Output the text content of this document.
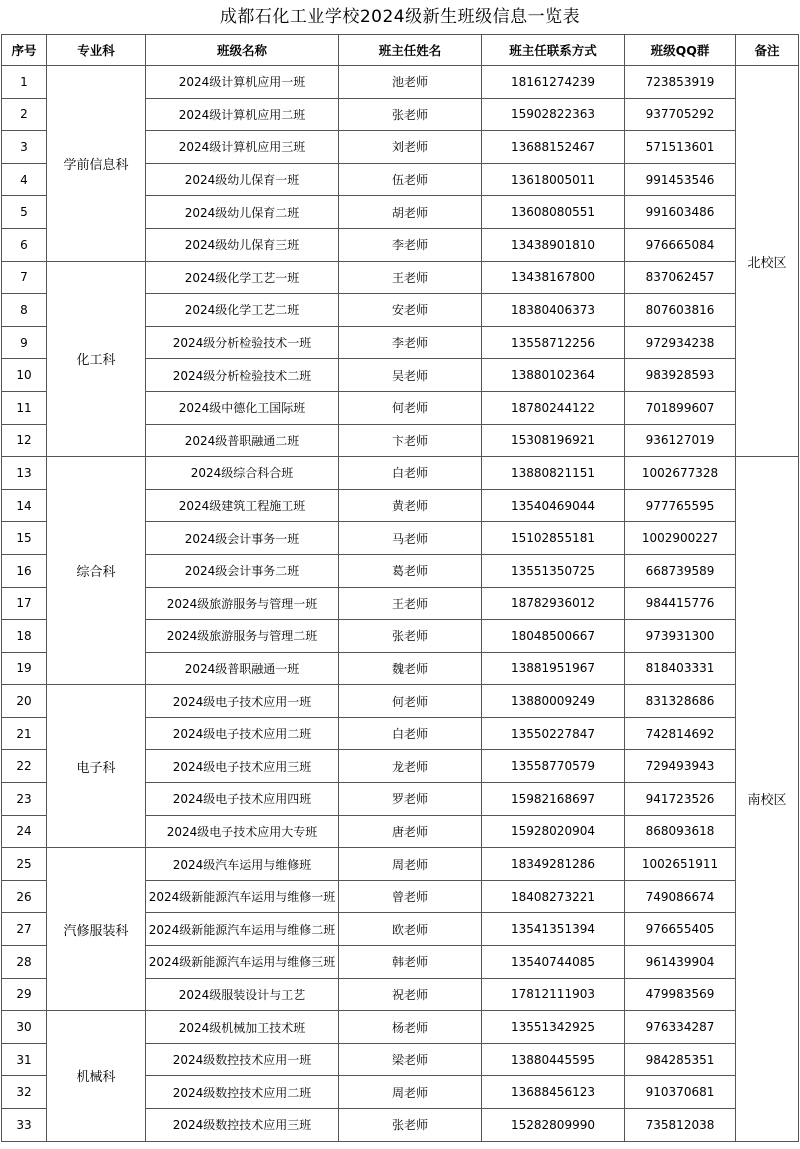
成都石化工业学校2024级新生班级信息一览表
序号	专业科	班级名称	班主任姓名	班主任联系方式	班级QQ群	备注
1	学前信息科	2024级计算机应用一班	池老师	18161274239	723853919	北校区
2		2024级计算机应用二班	张老师	15902822363	937705292	
3		2024级计算机应用三班	刘老师	13688152467	571513601	
4		2024级幼儿保育一班	伍老师	13618005011	991453546	
5		2024级幼儿保育二班	胡老师	13608080551	991603486	
6		2024级幼儿保育三班	李老师	13438901810	976665084	
7	化工科	2024级化学工艺一班	王老师	13438167800	837062457	
8		2024级化学工艺二班	安老师	18380406373	807603816	
9		2024级分析检验技术一班	李老师	13558712256	972934238	
10		2024级分析检验技术二班	吴老师	13880102364	983928593	
11		2024级中德化工国际班	何老师	18780244122	701899607	
12		2024级普职融通二班	卞老师	15308196921	936127019	
13	综合科	2024级综合科合班	白老师	13880821151	1002677328	南校区
14		2024级建筑工程施工班	黄老师	13540469044	977765595	
15		2024级会计事务一班	马老师	15102855181	1002900227	
16		2024级会计事务二班	葛老师	13551350725	668739589	
17		2024级旅游服务与管理一班	王老师	18782936012	984415776	
18		2024级旅游服务与管理二班	张老师	18048500667	973931300	
19		2024级普职融通一班	魏老师	13881951967	818403331	
20	电子科	2024级电子技术应用一班	何老师	13880009249	831328686	
21		2024级电子技术应用二班	白老师	13550227847	742814692	
22		2024级电子技术应用三班	龙老师	13558770579	729493943	
23		2024级电子技术应用四班	罗老师	15982168697	941723526	
24		2024级电子技术应用大专班	唐老师	15928020904	868093618	
25	汽修服装科	2024级汽车运用与维修班	周老师	18349281286	1002651911	
26		2024级新能源汽车运用与维修一班	曾老师	18408273221	749086674	
27		2024级新能源汽车运用与维修二班	欧老师	13541351394	976655405	
28		2024级新能源汽车运用与维修三班	韩老师	13540744085	961439904	
29		2024级服装设计与工艺	祝老师	17812111903	479983569	
30	机械科	2024级机械加工技术班	杨老师	13551342925	976334287	
31		2024级数控技术应用一班	梁老师	13880445595	984285351	
32		2024级数控技术应用二班	周老师	13688456123	910370681	
33		2024级数控技术应用三班	张老师	15282809990	735812038	
